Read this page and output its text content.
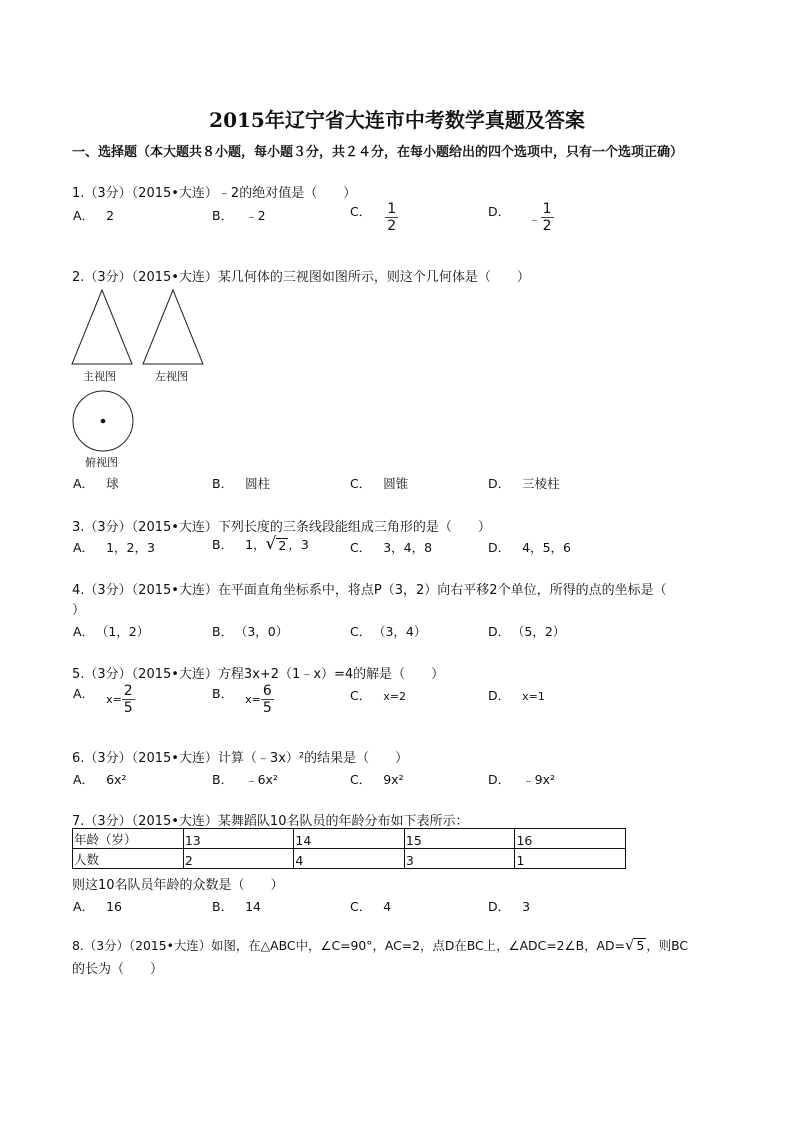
2015年辽宁省大连市中考数学真题及答案
一、选择题（本大题共８小题，每小题３分，共２４分，在每小题给出的四个选项中，只有一个选项正确）
1.（3分）（2015•大连）﹣2的绝对值是（　　）
A． 2	B． ﹣2	C． $\frac{1}{2}$	D． ﹣ $\frac{1}{2}$
2.（3分）（2015•大连）某几何体的三视图如图所示，则这个几何体是（　　）
主视图	左视图
俯视图
A． 球	B． 圆柱	C． 圆锥	D． 三棱柱
3.（3分）（2015•大连）下列长度的三条线段能组成三角形的是（　　）
A． 1，2，3	B． 1， √ 2 ，3	C． 3，4，8	D． 4，5，6
4.（3分）（2015•大连）在平面直角坐标系中，将点P（3，2）向右平移2个单位，所得的点的坐标是（
）
A． （1，2）	B． （3，0）	C． （3，4）	D． （5，2）
5.（3分）（2015•大连）方程3x+2（1﹣x）=4的解是（　　）
A． $x= \frac{2}{5}$	B． $x= \frac{6}{5}$	C． x=2	D． x=1
6.（3分）（2015•大连）计算（﹣3x）²的结果是（　　）
A． 6x²	B． ﹣6x²	C． 9x²	D． ﹣9x²
7.（3分）（2015•大连）某舞蹈队10名队员的年龄分布如下表所示：
年龄（岁）	13	14	15	16
人数	2	4	3	1
则这10名队员年龄的众数是（　　）
A． 16	B． 14	C． 4	D． 3
8.（3分）（2015•大连）如图，在△ABC中，∠C=90°，AC=2，点D在BC上，∠ADC=2∠B，AD= √ 5 ，则BC
的长为（　　）
